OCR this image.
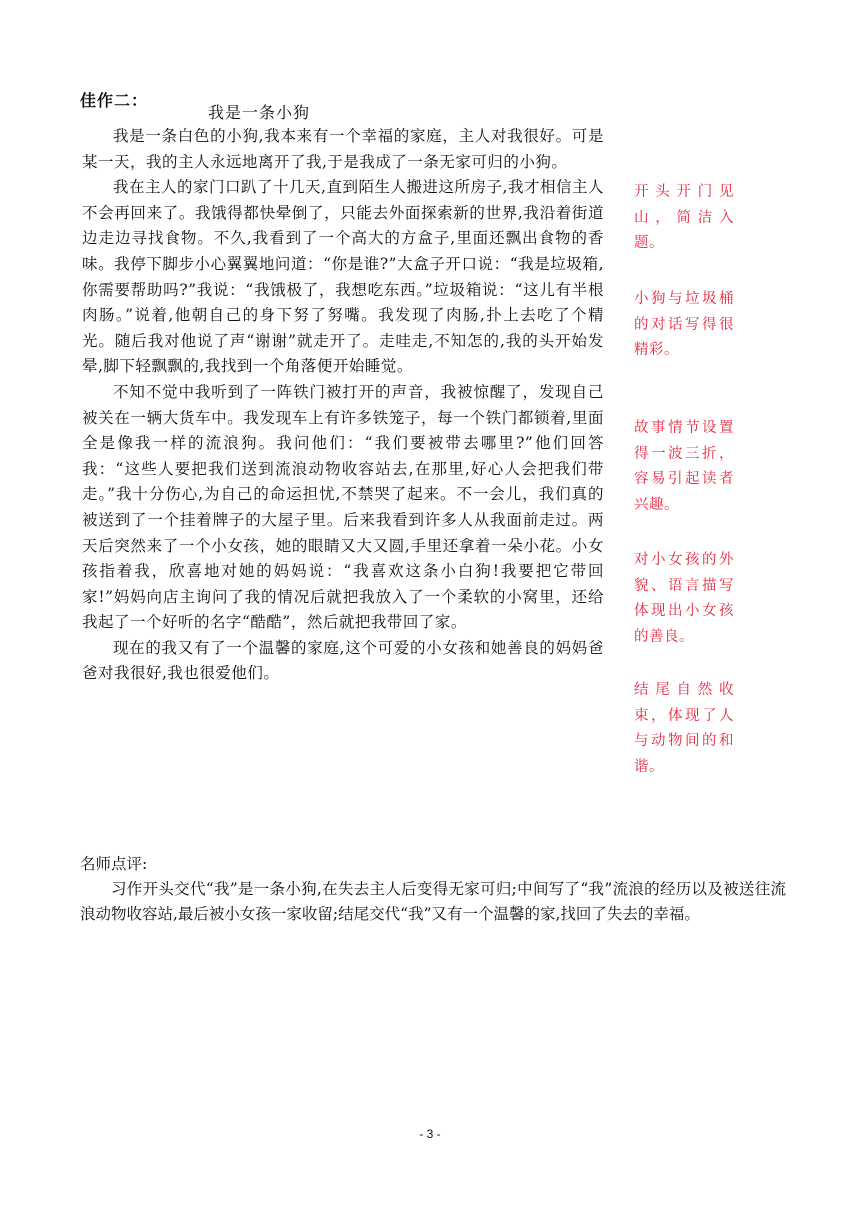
佳作二：
我是一条小狗

我是一条白色的小狗,我本来有一个幸福的家庭，主人对我很好。可是某一天，我的主人永远地离开了我,于是我成了一条无家可归的小狗。

我在主人的家门口趴了十几天,直到陌生人搬进这所房子,我才相信主人不会再回来了。我饿得都快晕倒了，只能去外面探索新的世界,我沿着街道边走边寻找食物。不久,我看到了一个高大的方盒子,里面还飘出食物的香味。我停下脚步小心翼翼地问道：“你是谁?”大盒子开口说：“我是垃圾箱,你需要帮助吗?”我说：“我饿极了，我想吃东西。”垃圾箱说：“这儿有半根肉肠。”说着,他朝自己的身下努了努嘴。我发现了肉肠,扑上去吃了个精光。随后我对他说了声“谢谢”就走开了。走哇走,不知怎的,我的头开始发晕,脚下轻飘飘的,我找到一个角落便开始睡觉。

不知不觉中我听到了一阵铁门被打开的声音，我被惊醒了，发现自己被关在一辆大货车中。我发现车上有许多铁笼子，每一个铁门都锁着,里面全是像我一样的流浪狗。我问他们：“我们要被带去哪里?”他们回答我：“这些人要把我们送到流浪动物收容站去,在那里,好心人会把我们带走。”我十分伤心,为自己的命运担忧,不禁哭了起来。不一会儿，我们真的被送到了一个挂着牌子的大屋子里。后来我看到许多人从我面前走过。两天后突然来了一个小女孩，她的眼睛又大又圆,手里还拿着一朵小花。小女孩指着我，欣喜地对她的妈妈说：“我喜欢这条小白狗!我要把它带回家!”妈妈向店主询问了我的情况后就把我放入了一个柔软的小窝里，还给我起了一个好听的名字“酷酷”，然后就把我带回了家。

现在的我又有了一个温馨的家庭,这个可爱的小女孩和她善良的妈妈爸爸对我很好,我也很爱他们。

开头开门见山，简洁入题。
小狗与垃圾桶的对话写得很精彩。
故事情节设置得一波三折，容易引起读者兴趣。
对小女孩的外貌、语言描写体现出小女孩的善良。
结尾自然收束，体现了人与动物间的和谐。
名师点评:

习作开头交代“我”是一条小狗,在失去主人后变得无家可归;中间写了“我”流浪的经历以及被送往流浪动物收容站,最后被小女孩一家收留;结尾交代“我”又有一个温馨的家,找回了失去的幸福。

- 3 -
